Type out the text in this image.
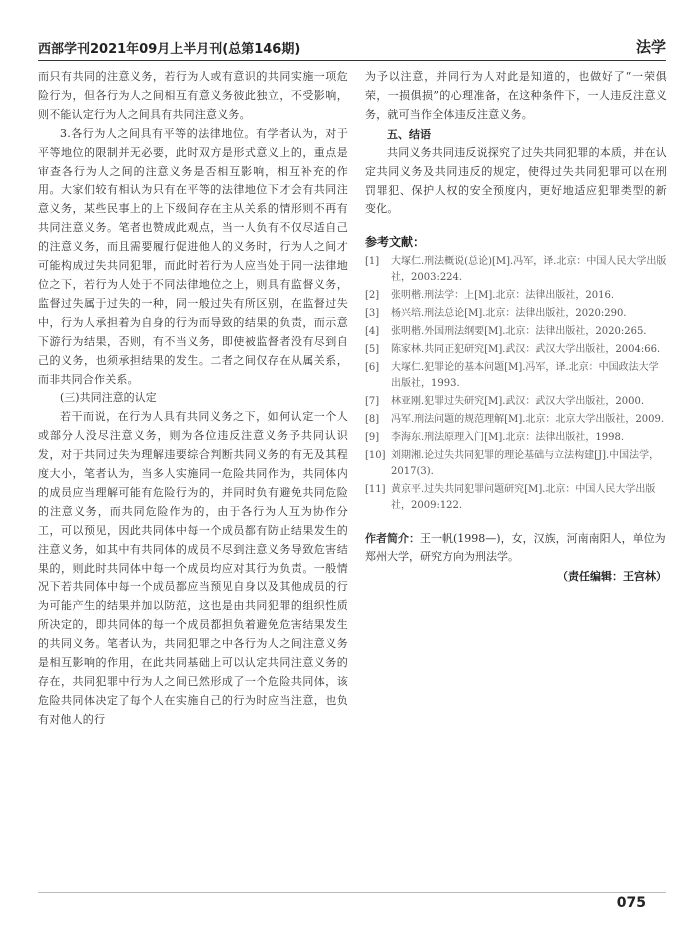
西部学刊2021年09月上半月刊(总第146期)	法学

而只有共同的注意义务，若行为人或有意识的共同实施一项危险行为，但各行为人之间相互有意义务彼此独立，不受影响，则不能认定行为人之间具有共同注意义务。

3.各行为人之间具有平等的法律地位。有学者认为，对于平等地位的限制并无必要，此时双方是形式意义上的，重点是审查各行为人之间的注意义务是否相互影响，相互补充的作用。大家们较有相认为只有在平等的法律地位下才会有共同注意义务，某些民事上的上下级间存在主从关系的情形则不再有共同注意义务。笔者也赞成此观点，当一人负有不仅尽适自己的注意义务，而且需要履行促进他人的义务时，行为人之间才可能构成过失共同犯罪，而此时若行为人应当处于同一法律地位之下，若行为人处于不同法律地位之上，则具有监督义务，监督过失属于过失的一种，同一般过失有所区别，在监督过失中，行为人承担着为自身的行为而导致的结果的负责，而示意下游行为结果，否则，有不当义务，即使被监督者没有尽到自己的义务，也须承担结果的发生。二者之间仅存在从属关系，而非共同合作关系。

(三)共同注意的认定

若干而说，在行为人具有共同义务之下，如何认定一个人或部分人没尽注意义务，则为各位违反注意义务予共同认识发，对于共同过失为理解违要综合判断共同义务的有无及其程度大小，笔者认为，当多人实施同一危险共同作为，共同体内的成员应当理解可能有危险行为的，并同时负有避免共同危险的注意义务，而共同危险作为的，由于各行为人互为协作分工，可以预见，因此共同体中每一个成员都有防止结果发生的注意义务，如其中有共同体的成员不尽到注意义务导致危害结果的，则此时共同体中每一个成员均应对其行为负责。一般情况下若共同体中每一个成员都应当预见自身以及其他成员的行为可能产生的结果并加以防范，这也是由共同犯罪的组织性质所决定的，即共同体的每一个成员都担负着避免危害结果发生的共同义务。笔者认为，共同犯罪之中各行为人之间注意义务是相互影响的作用，在此共同基础上可以认定共同注意义务的存在，共同犯罪中行为人之间已然形成了一个危险共同体，该危险共同体决定了每个人在实施自己的行为时应当注意，也负有对他人的行

为予以注意，并同行为人对此是知道的，也做好了“一荣俱荣，一损俱损”的心理准备，在这种条件下，一人违反注意义务，就可当作全体违反注意义务。

五、结语

共同义务共同违反说探究了过失共同犯罪的本质，并在认定共同义务及共同违反的规定，使得过失共同犯罪可以在刑罚罪犯、保护人权的安全预度内，更好地适应犯罪类型的新变化。

参考文献：
[1] 大塚仁.刑法概说(总论)[M].冯军，译.北京：中国人民大学出版社，2003:224.
[2] 张明楷.刑法学：上[M].北京：法律出版社，2016.
[3] 杨兴培.刑法总论[M].北京：法律出版社，2020:290.
[4] 张明楷.外国刑法纲要[M].北京：法律出版社，2020:265.
[5] 陈家林.共同正犯研究[M].武汉：武汉大学出版社，2004:66.
[6] 大塚仁.犯罪论的基本问题[M].冯军，译.北京：中国政法大学出版社，1993.
[7] 林亚刚.犯罪过失研究[M].武汉：武汉大学出版社，2000.
[8] 冯军.刑法问题的规范理解[M].北京：北京大学出版社，2009.
[9] 李海东.刑法原理入门[M].北京：法律出版社，1998.
[10] 刘期湘.论过失共同犯罪的理论基础与立法构建[J].中国法学，2017(3).
[11] 黄京平.过失共同犯罪问题研究[M].北京：中国人民大学出版社，2009:122.
作者简介：王一帆(1998—)，女，汉族，河南南阳人，单位为郑州大学，研究方向为刑法学。
（责任编辑：王宫林）
075
